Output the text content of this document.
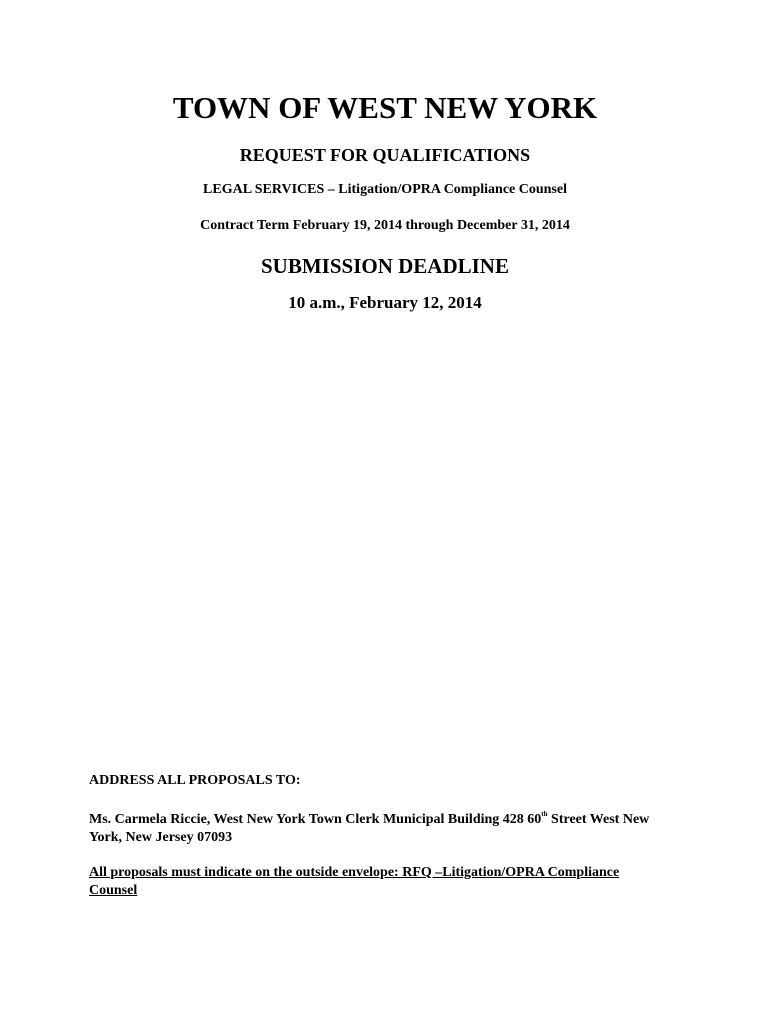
TOWN OF WEST NEW YORK
REQUEST FOR QUALIFICATIONS
LEGAL SERVICES – Litigation/OPRA Compliance Counsel
Contract Term February 19, 2014 through December 31, 2014
SUBMISSION DEADLINE
10 a.m., February 12, 2014
ADDRESS ALL PROPOSALS TO:
Ms. Carmela Riccie, West New York Town Clerk Municipal Building 428 60th Street West New
York, New Jersey 07093
All proposals must indicate on the outside envelope: RFQ –Litigation/OPRA Compliance
Counsel
